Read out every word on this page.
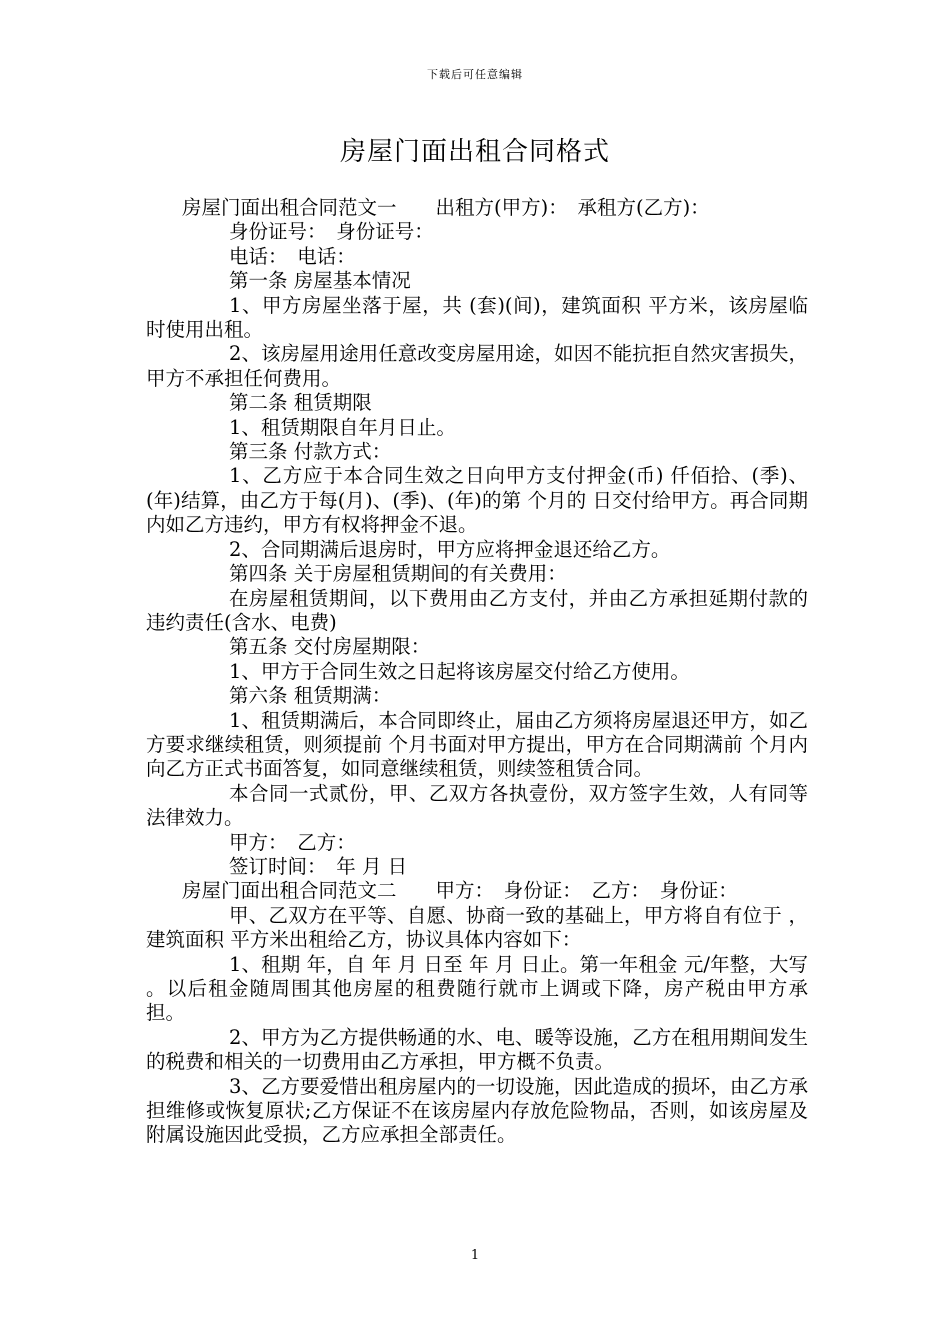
下载后可任意编辑
房屋门面出租合同格式

房屋门面出租合同范文一　　出租方(甲方)：　承租方(乙方)：

身份证号：　身份证号：

电话：　电话：

第一条 房屋基本情况

1、甲方房屋坐落于屋，共 (套)(间)，建筑面积 平方米，该房屋临时使用出租。

2、该房屋用途用任意改变房屋用途，如因不能抗拒自然灾害损失，甲方不承担任何费用。

第二条 租赁期限

1、租赁期限自年月日止。

第三条 付款方式：

1、乙方应于本合同生效之日向甲方支付押金(币) 仟佰拾、(季)、(年)结算，由乙方于每(月)、(季)、(年)的第 个月的 日交付给甲方。再合同期内如乙方违约，甲方有权将押金不退。

2、合同期满后退房时，甲方应将押金退还给乙方。

第四条 关于房屋租赁期间的有关费用：

在房屋租赁期间，以下费用由乙方支付，并由乙方承担延期付款的违约责任(含水、电费)

第五条 交付房屋期限：

1、甲方于合同生效之日起将该房屋交付给乙方使用。

第六条 租赁期满：

1、租赁期满后，本合同即终止，届由乙方须将房屋退还甲方，如乙方要求继续租赁，则须提前 个月书面对甲方提出，甲方在合同期满前 个月内向乙方正式书面答复，如同意继续租赁，则续签租赁合同。

本合同一式贰份，甲、乙双方各执壹份，双方签字生效，人有同等法律效力。

甲方：　乙方：

签订时间：　年 月 日

房屋门面出租合同范文二　　甲方：　身份证：　乙方：　身份证：

甲、乙双方在平等、自愿、协商一致的基础上，甲方将自有位于 ，建筑面积 平方米出租给乙方，协议具体内容如下：

1、租期 年，自 年 月 日至 年 月 日止。第一年租金 元/年整，大写 。以后租金随周围其他房屋的租费随行就市上调或下降，房产税由甲方承担。

2、甲方为乙方提供畅通的水、电、暖等设施，乙方在租用期间发生的税费和相关的一切费用由乙方承担，甲方概不负责。

3、乙方要爱惜出租房屋内的一切设施，因此造成的损坏，由乙方承担维修或恢复原状;乙方保证不在该房屋内存放危险物品，否则，如该房屋及附属设施因此受损，乙方应承担全部责任。

1
